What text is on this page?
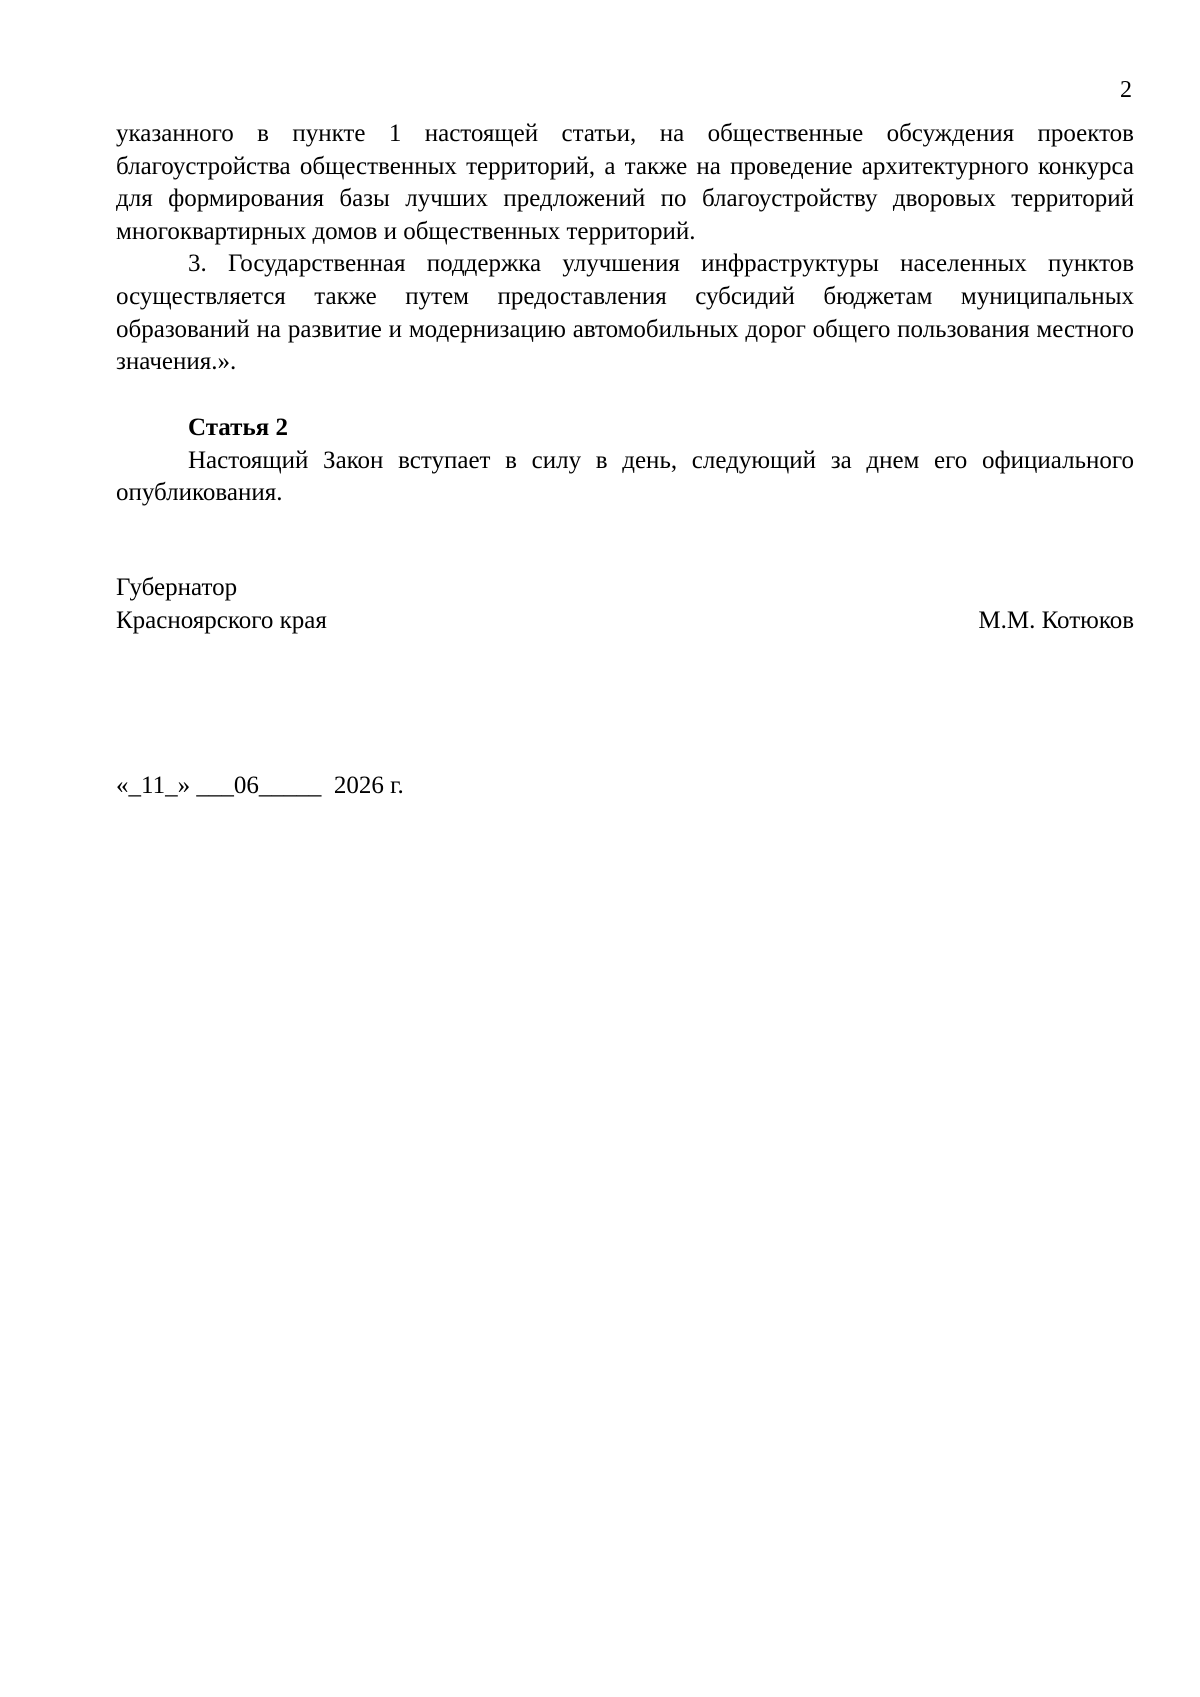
2

указанного в пункте 1 настоящей статьи, на общественные обсуждения проектов благоустройства общественных территорий, а также на проведение архитектурного конкурса для формирования базы лучших предложений по благоустройству дворовых территорий многоквартирных домов и общественных территорий.

3. Государственная поддержка улучшения инфраструктуры населенных пунктов осуществляется также путем предоставления субсидий бюджетам муниципальных образований на развитие и модернизацию автомобильных дорог общего пользования местного значения.».

Статья 2

Настоящий Закон вступает в силу в день, следующий за днем его официального опубликования.

Губернатор
Красноярского края	М.М. Котюков
«_11_» ___06_____  2026 г.
